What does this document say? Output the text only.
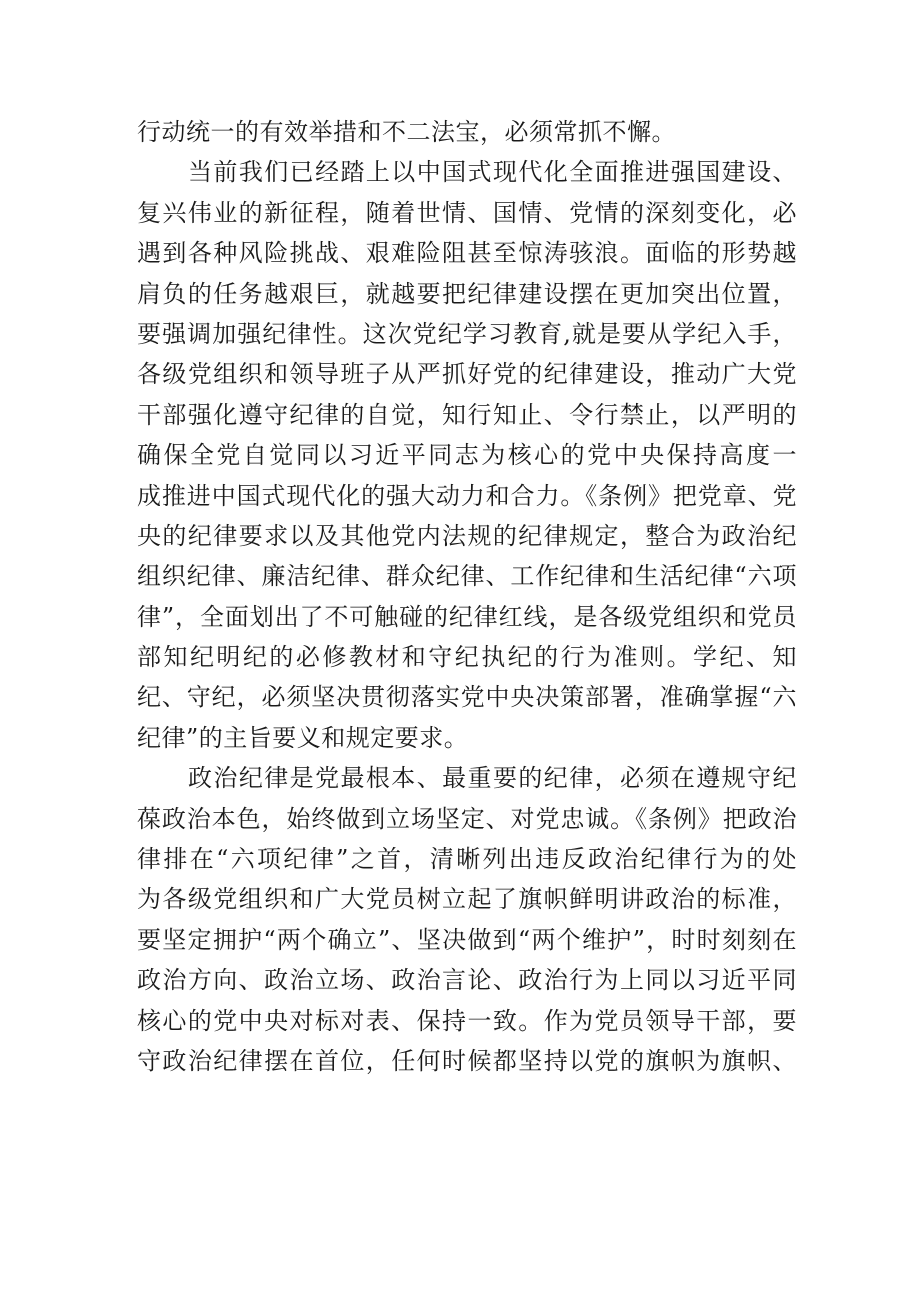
行动统一的有效举措和不二法宝，必须常抓不懈。
当前我们已经踏上以中国式现代化全面推进强国建设、
复兴伟业的新征程，随着世情、国情、党情的深刻变化，必
遇到各种风险挑战、艰难险阻甚至惊涛骇浪。面临的形势越
肩负的任务越艰巨，就越要把纪律建设摆在更加突出位置，
要强调加强纪律性。这次党纪学习教育,就是要从学纪入手，
各级党组织和领导班子从严抓好党的纪律建设，推动广大党
干部强化遵守纪律的自觉，知行知止、令行禁止，以严明的
确保全党自觉同以习近平同志为核心的党中央保持高度一
成推进中国式现代化的强大动力和合力。《条例》把党章、党
央的纪律要求以及其他党内法规的纪律规定，整合为政治纪
组织纪律、廉洁纪律、群众纪律、工作纪律和生活纪律“六项
律”，全面划出了不可触碰的纪律红线，是各级党组织和党员
部知纪明纪的必修教材和守纪执纪的行为准则。学纪、知
纪、守纪，必须坚决贯彻落实党中央决策部署，准确掌握“六
纪律”的主旨要义和规定要求。
政治纪律是党最根本、最重要的纪律，必须在遵规守纪
葆政治本色，始终做到立场坚定、对党忠诚。《条例》把政治
律排在“六项纪律”之首，清晰列出违反政治纪律行为的处
为各级党组织和广大党员树立起了旗帜鲜明讲政治的标准，
要坚定拥护“两个确立”、坚决做到“两个维护”，时时刻刻在
政治方向、政治立场、政治言论、政治行为上同以习近平同
核心的党中央对标对表、保持一致。作为党员领导干部，要
守政治纪律摆在首位，任何时候都坚持以党的旗帜为旗帜、
